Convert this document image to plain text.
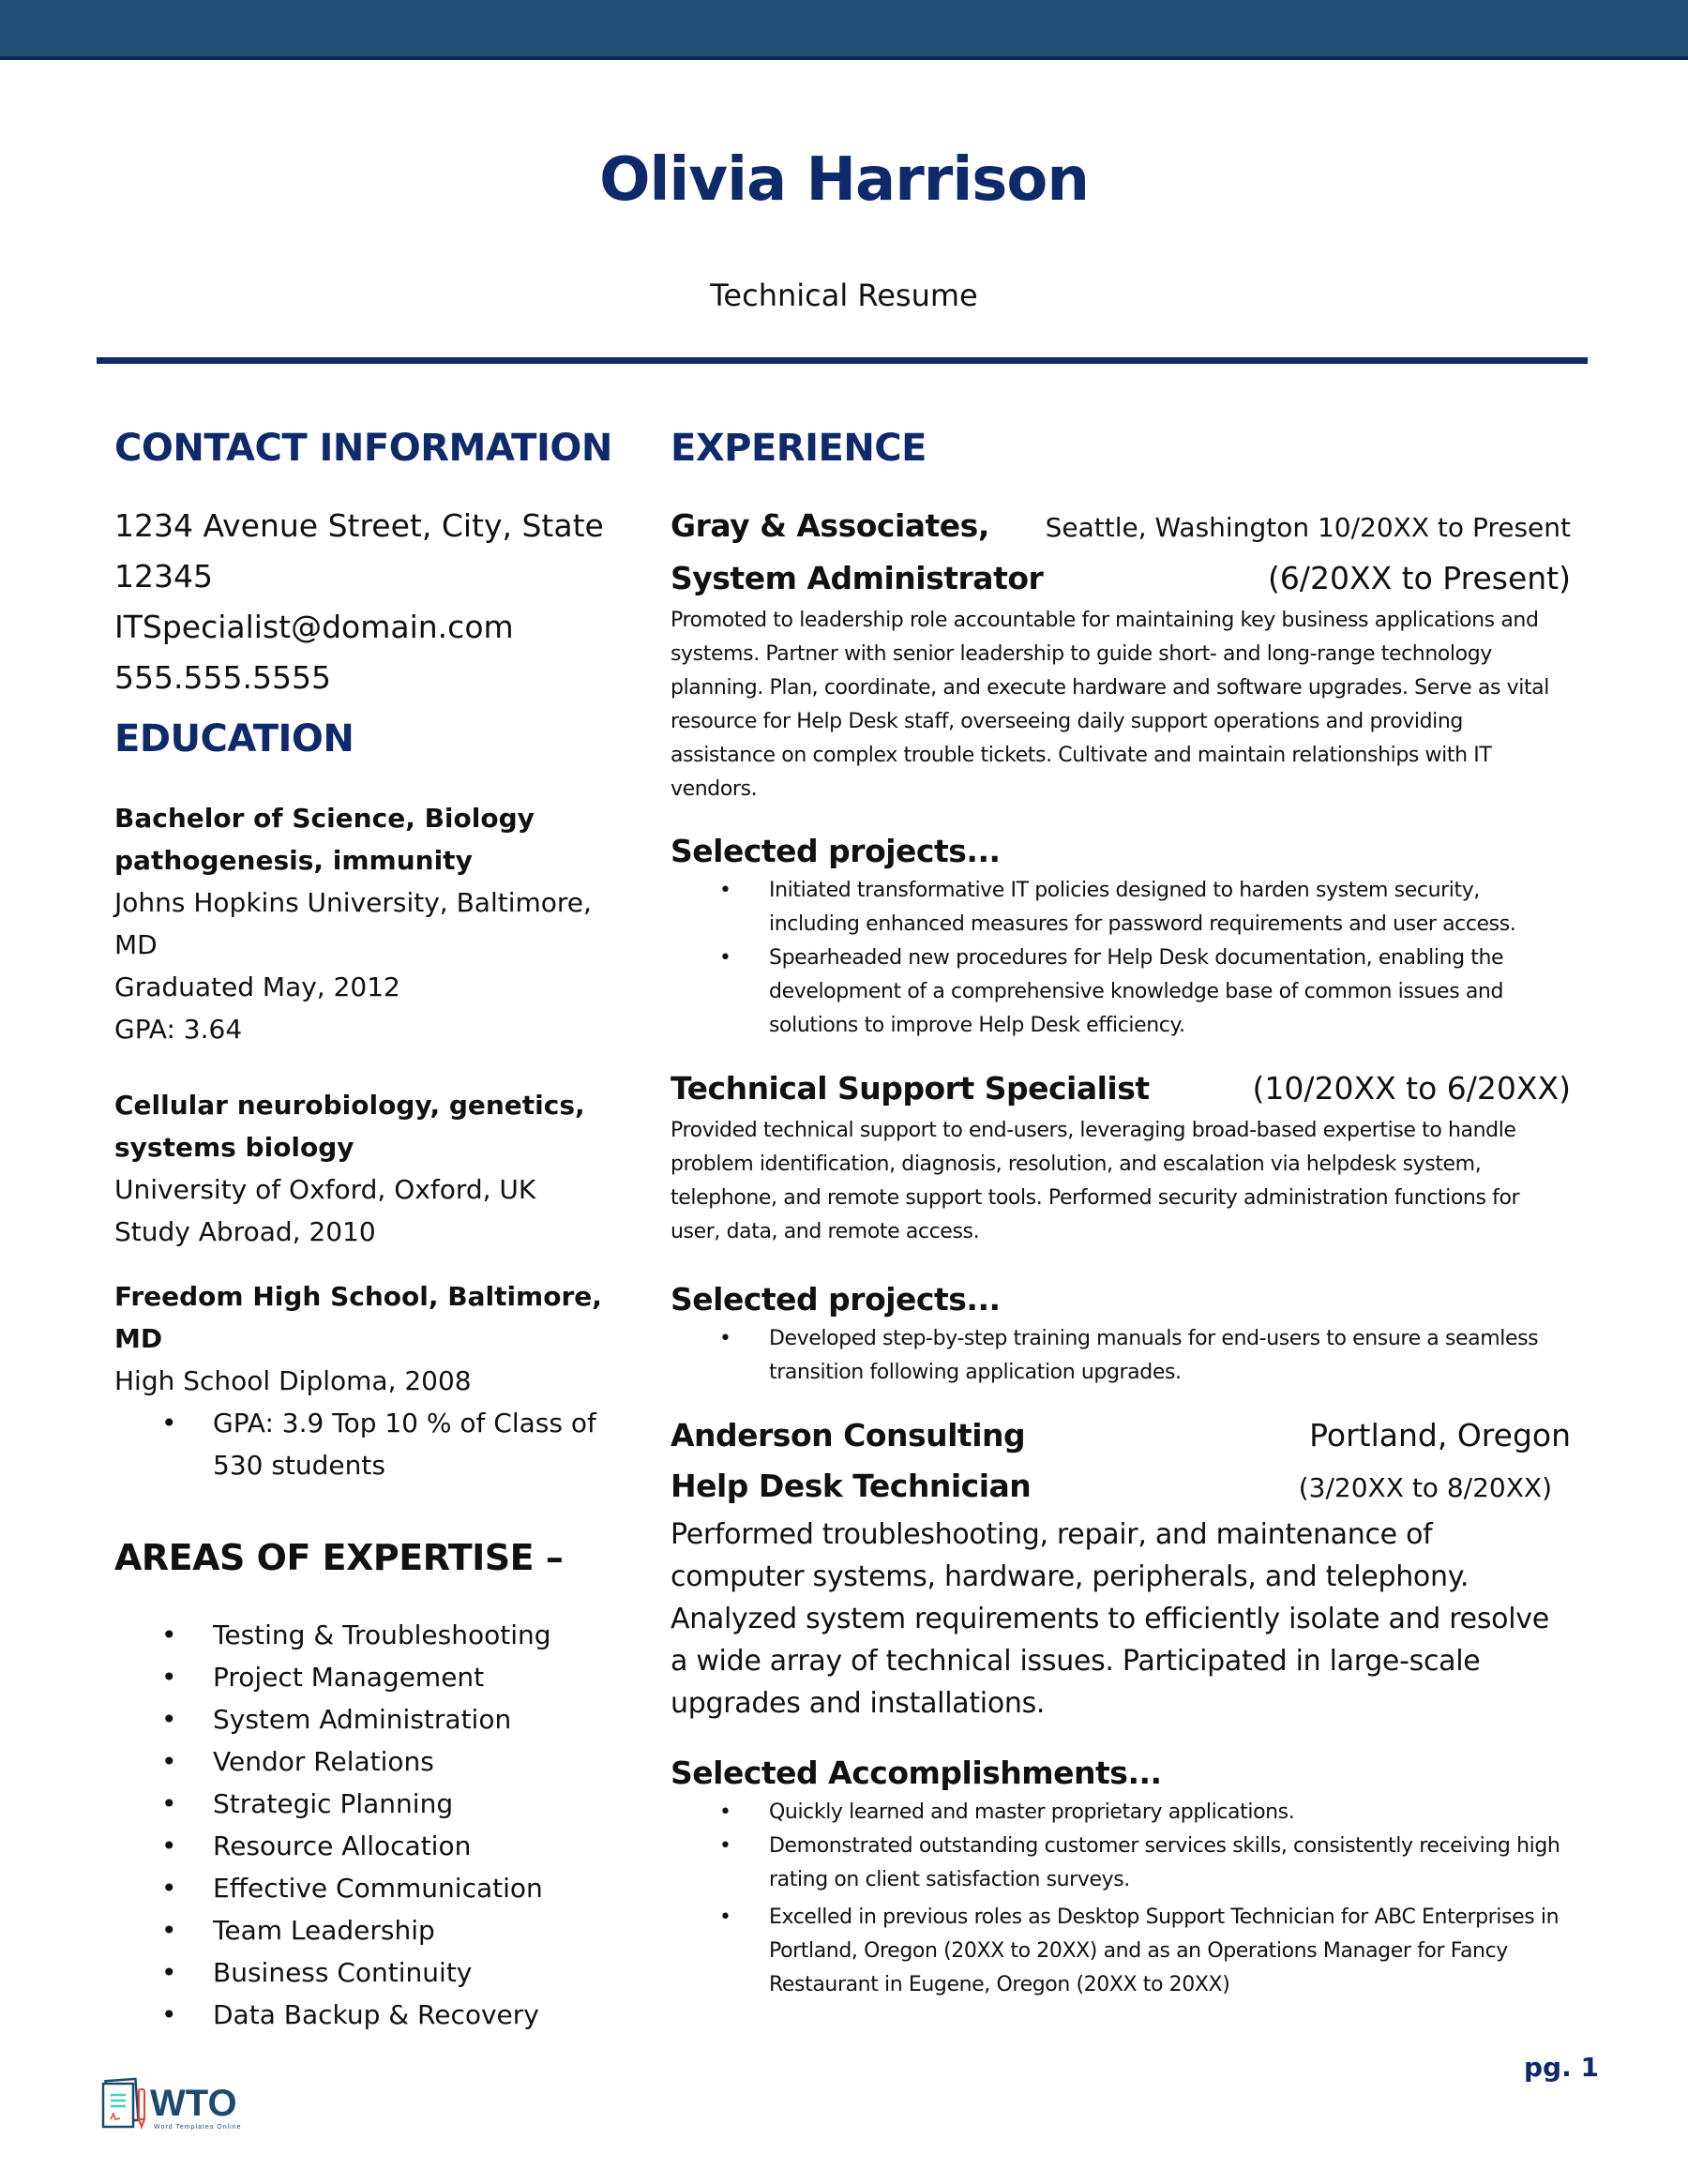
Olivia Harrison
Technical Resume
CONTACT INFORMATION
1234 Avenue Street, City, State
12345
ITSpecialist@domain.com
555.555.5555
EDUCATION
Bachelor of Science, Biology
pathogenesis, immunity
Johns Hopkins University, Baltimore, MD
Graduated May, 2012
GPA: 3.64
Cellular neurobiology, genetics,
systems biology
University of Oxford, Oxford, UK
Study Abroad, 2010
Freedom High School, Baltimore, MD
High School Diploma, 2008
•	GPA: 3.9 Top 10 % of Class of 530 students
AREAS OF EXPERTISE –
•	Testing & Troubleshooting
•	Project Management
•	System Administration
•	Vendor Relations
•	Strategic Planning
•	Resource Allocation
•	Effective Communication
•	Team Leadership
•	Business Continuity
•	Data Backup & Recovery
EXPERIENCE
Gray & Associates, Seattle, Washington 10/20XX to Present
System Administrator	(6/20XX to Present)
Promoted to leadership role accountable for maintaining key business applications and systems. Partner with senior leadership to guide short- and long-range technology planning. Plan, coordinate, and execute hardware and software upgrades. Serve as vital resource for Help Desk staff, overseeing daily support operations and providing assistance on complex trouble tickets. Cultivate and maintain relationships with IT vendors.
Selected projects...
•	Initiated transformative IT policies designed to harden system security, including enhanced measures for password requirements and user access.
•	Spearheaded new procedures for Help Desk documentation, enabling the development of a comprehensive knowledge base of common issues and solutions to improve Help Desk efficiency.
Technical Support Specialist	(10/20XX to 6/20XX)
Provided technical support to end-users, leveraging broad-based expertise to handle problem identification, diagnosis, resolution, and escalation via helpdesk system, telephone, and remote support tools. Performed security administration functions for user, data, and remote access.
Selected projects...
•	Developed step-by-step training manuals for end-users to ensure a seamless transition following application upgrades.
Anderson Consulting	Portland, Oregon
Help Desk Technician	(3/20XX to 8/20XX)
Performed troubleshooting, repair, and maintenance of computer systems, hardware, peripherals, and telephony. Analyzed system requirements to efficiently isolate and resolve a wide array of technical issues. Participated in large-scale upgrades and installations.
Selected Accomplishments...
•	Quickly learned and master proprietary applications.
•	Demonstrated outstanding customer services skills, consistently receiving high rating on client satisfaction surveys.
•	Excelled in previous roles as Desktop Support Technician for ABC Enterprises in Portland, Oregon (20XX to 20XX) and as an Operations Manager for Fancy Restaurant in Eugene, Oregon (20XX to 20XX)
pg. 1
WTO
Word Templates Online
